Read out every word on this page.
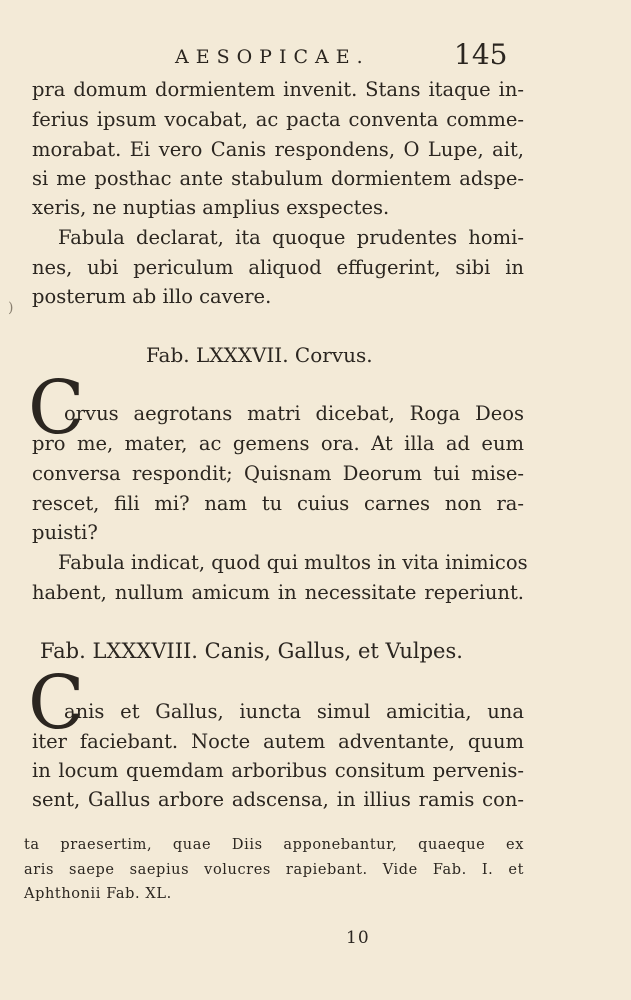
AESOPICAE.	145
pra domum dormientem invenit. Stans itaque in-
ferius ipsum vocabat, ac pacta conventa comme-
morabat. Ei vero Canis respondens, O Lupe, ait,
si me posthac ante stabulum dormientem adspe-
xeris, ne nuptias amplius exspectes.
Fabula declarat, ita quoque prudentes homi-
nes, ubi periculum aliquod effugerint, sibi in
posterum ab illo cavere.
)
Fab. LXXXVII. Corvus.
C
orvus aegrotans matri dicebat, Roga Deos
pro me, mater, ac gemens ora. At illa ad eum
conversa respondit; Quisnam Deorum tui mise-
rescet, fili mi? nam tu cuius carnes non ra-
puisti?
Fabula indicat, quod qui multos in vita inimicos
habent, nullum amicum in necessitate reperiunt.
Fab. LXXXVIII. Canis, Gallus, et Vulpes.
C
anis et Gallus, iuncta simul amicitia, una
iter faciebant. Nocte autem adventante, quum
in locum quemdam arboribus consitum pervenis-
sent, Gallus arbore adscensa, in illius ramis con-
ta praesertim, quae Diis apponebantur, quaeque ex
aris saepe saepius volucres rapiebant. Vide Fab. I. et
Aphthonii Fab. XL.
10
